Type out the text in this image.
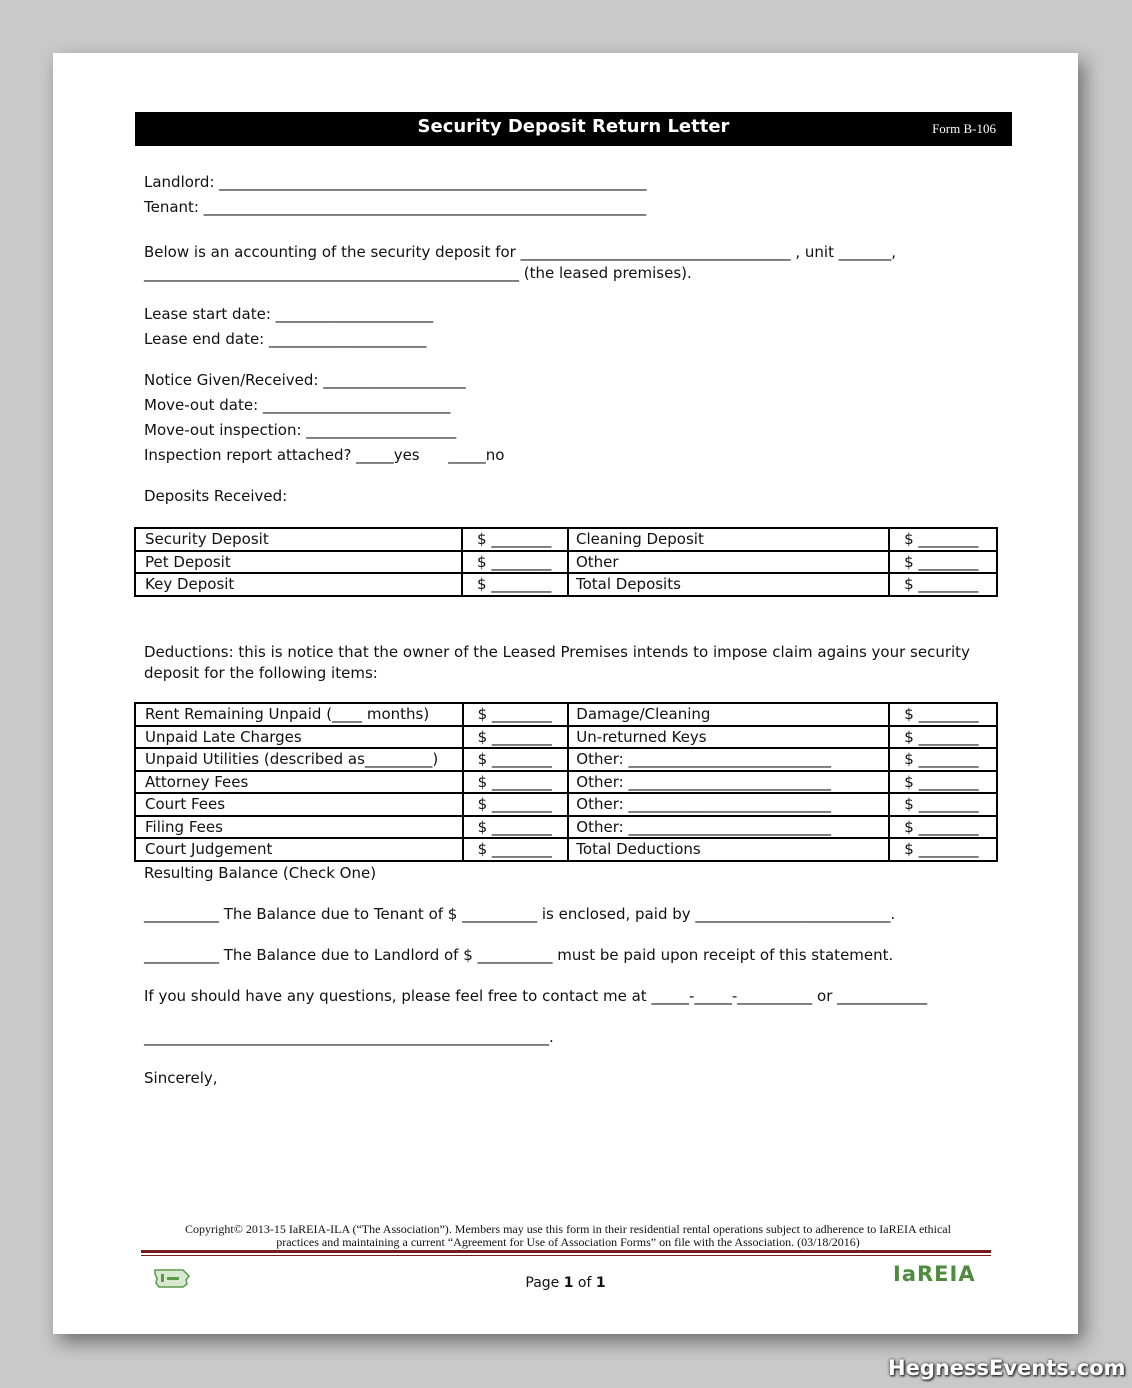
Security Deposit Return Letter	Form B-106
Landlord: _________________________________________________________
Tenant: ___________________________________________________________
Below is an accounting of the security deposit for ____________________________________ , unit _______,
__________________________________________________ (the leased premises).
Lease start date: _____________________
Lease end date: _____________________
Notice Given/Received: ___________________
Move-out date: _________________________
Move-out inspection: ____________________
Inspection report attached? _____yes      _____no
Deposits Received:
Security Deposit	$ ________	Cleaning Deposit	$ ________
Pet Deposit	$ ________	Other	$ ________
Key Deposit	$ ________	Total Deposits	$ ________
Deductions: this is notice that the owner of the Leased Premises intends to impose claim agains your security
deposit for the following items:
Rent Remaining Unpaid (____ months)	$ ________	Damage/Cleaning	$ ________
Unpaid Late Charges	$ ________	Un-returned Keys	$ ________
Unpaid Utilities (described as_________)	$ ________	Other: ___________________________	$ ________
Attorney Fees	$ ________	Other: ___________________________	$ ________
Court Fees	$ ________	Other: ___________________________	$ ________
Filing Fees	$ ________	Other: ___________________________	$ ________
Court Judgement	$ ________	Total Deductions	$ ________
Resulting Balance (Check One)
__________ The Balance due to Tenant of $ __________ is enclosed, paid by __________________________.
__________ The Balance due to Landlord of $ __________ must be paid upon receipt of this statement.
If you should have any questions, please feel free to contact me at _____-_____-__________ or ____________
______________________________________________________.
Sincerely,
Copyright© 2013-15 IaREIA-ILA (“The Association”). Members may use this form in their residential rental operations subject to adherence to IaREIA ethical
practices and maintaining a current “Agreement for Use of Association Forms” on file with the Association. (03/18/2016)
Page 1 of 1	IaREIA
HegnessEvents.com
